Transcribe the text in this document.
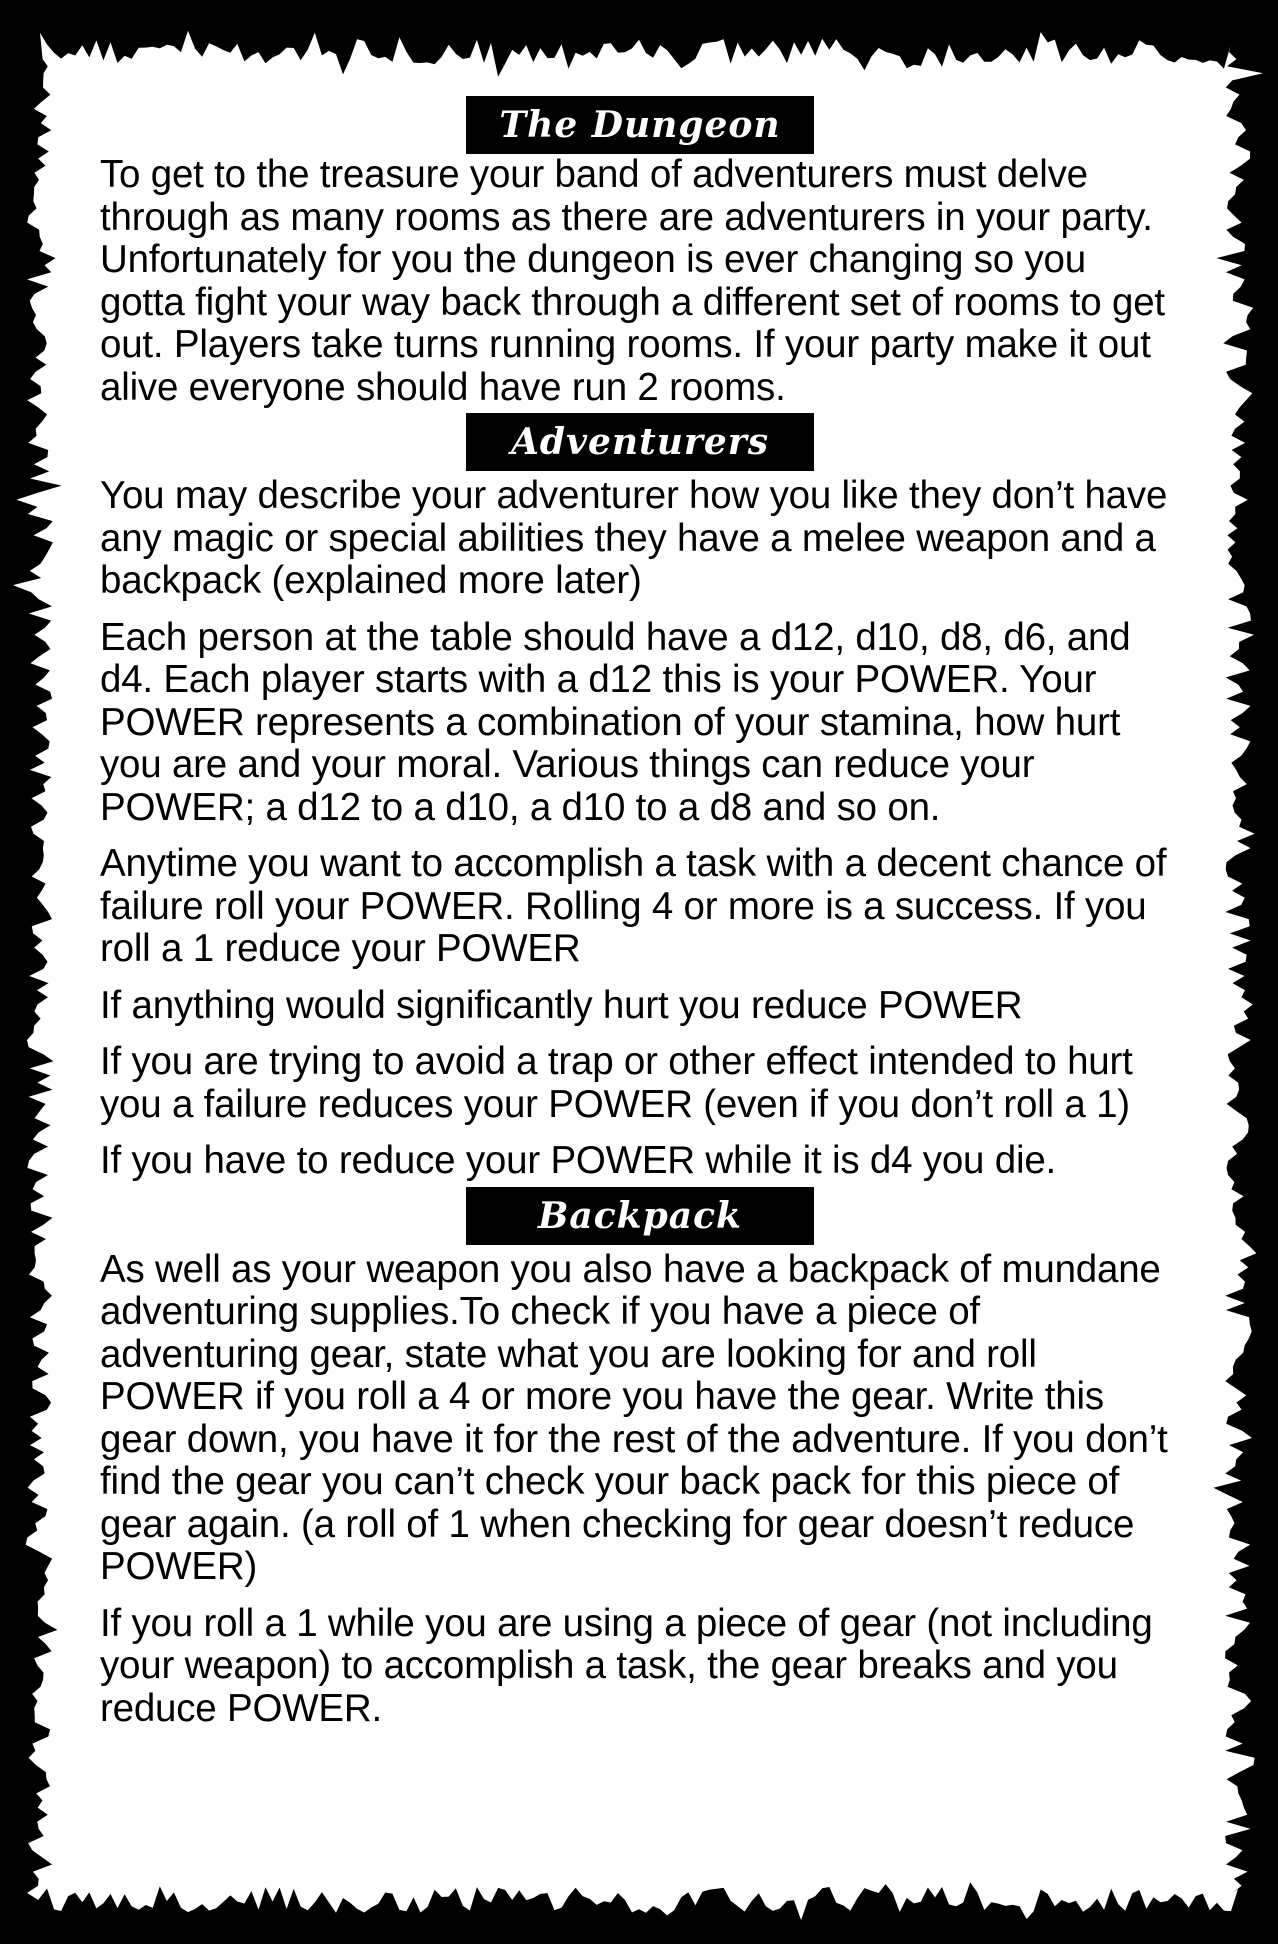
The Dungeon

To get to the treasure your band of adventurers must delve through as many rooms as there are adventurers in your party. Unfortunately for you the dungeon is ever changing so you gotta fight your way back through a different set of rooms to get out. Players take turns running rooms. If your party make it out alive everyone should have run 2 rooms.

Adventurers

You may describe your adventurer how you like they don’t have any magic or special abilities they have a melee weapon and a backpack (explained more later)

Each person at the table should have a d12, d10, d8, d6, and d4. Each player starts with a d12 this is your POWER. Your POWER represents a combination of your stamina, how hurt you are and your moral. Various things can reduce your POWER; a d12 to a d10, a d10 to a d8 and so on.

Anytime you want to accomplish a task with a decent chance of failure roll your POWER. Rolling 4 or more is a success. If you roll a 1 reduce your POWER

If anything would significantly hurt you reduce POWER

If you are trying to avoid a trap or other effect intended to hurt you a failure reduces your POWER (even if you don’t roll a 1)

If you have to reduce your POWER while it is d4 you die.

Backpack

As well as your weapon you also have a backpack of mundane adventuring supplies.To check if you have a piece of adventuring gear, state what you are looking for and roll POWER if you roll a 4 or more you have the gear. Write this gear down, you have it for the rest of the adventure. If you don’t find the gear you can’t check your back pack for this piece of gear again. (a roll of 1 when checking for gear doesn’t reduce POWER)

If you roll a 1 while you are using a piece of gear (not including your weapon) to accomplish a task, the gear breaks and you reduce POWER.
